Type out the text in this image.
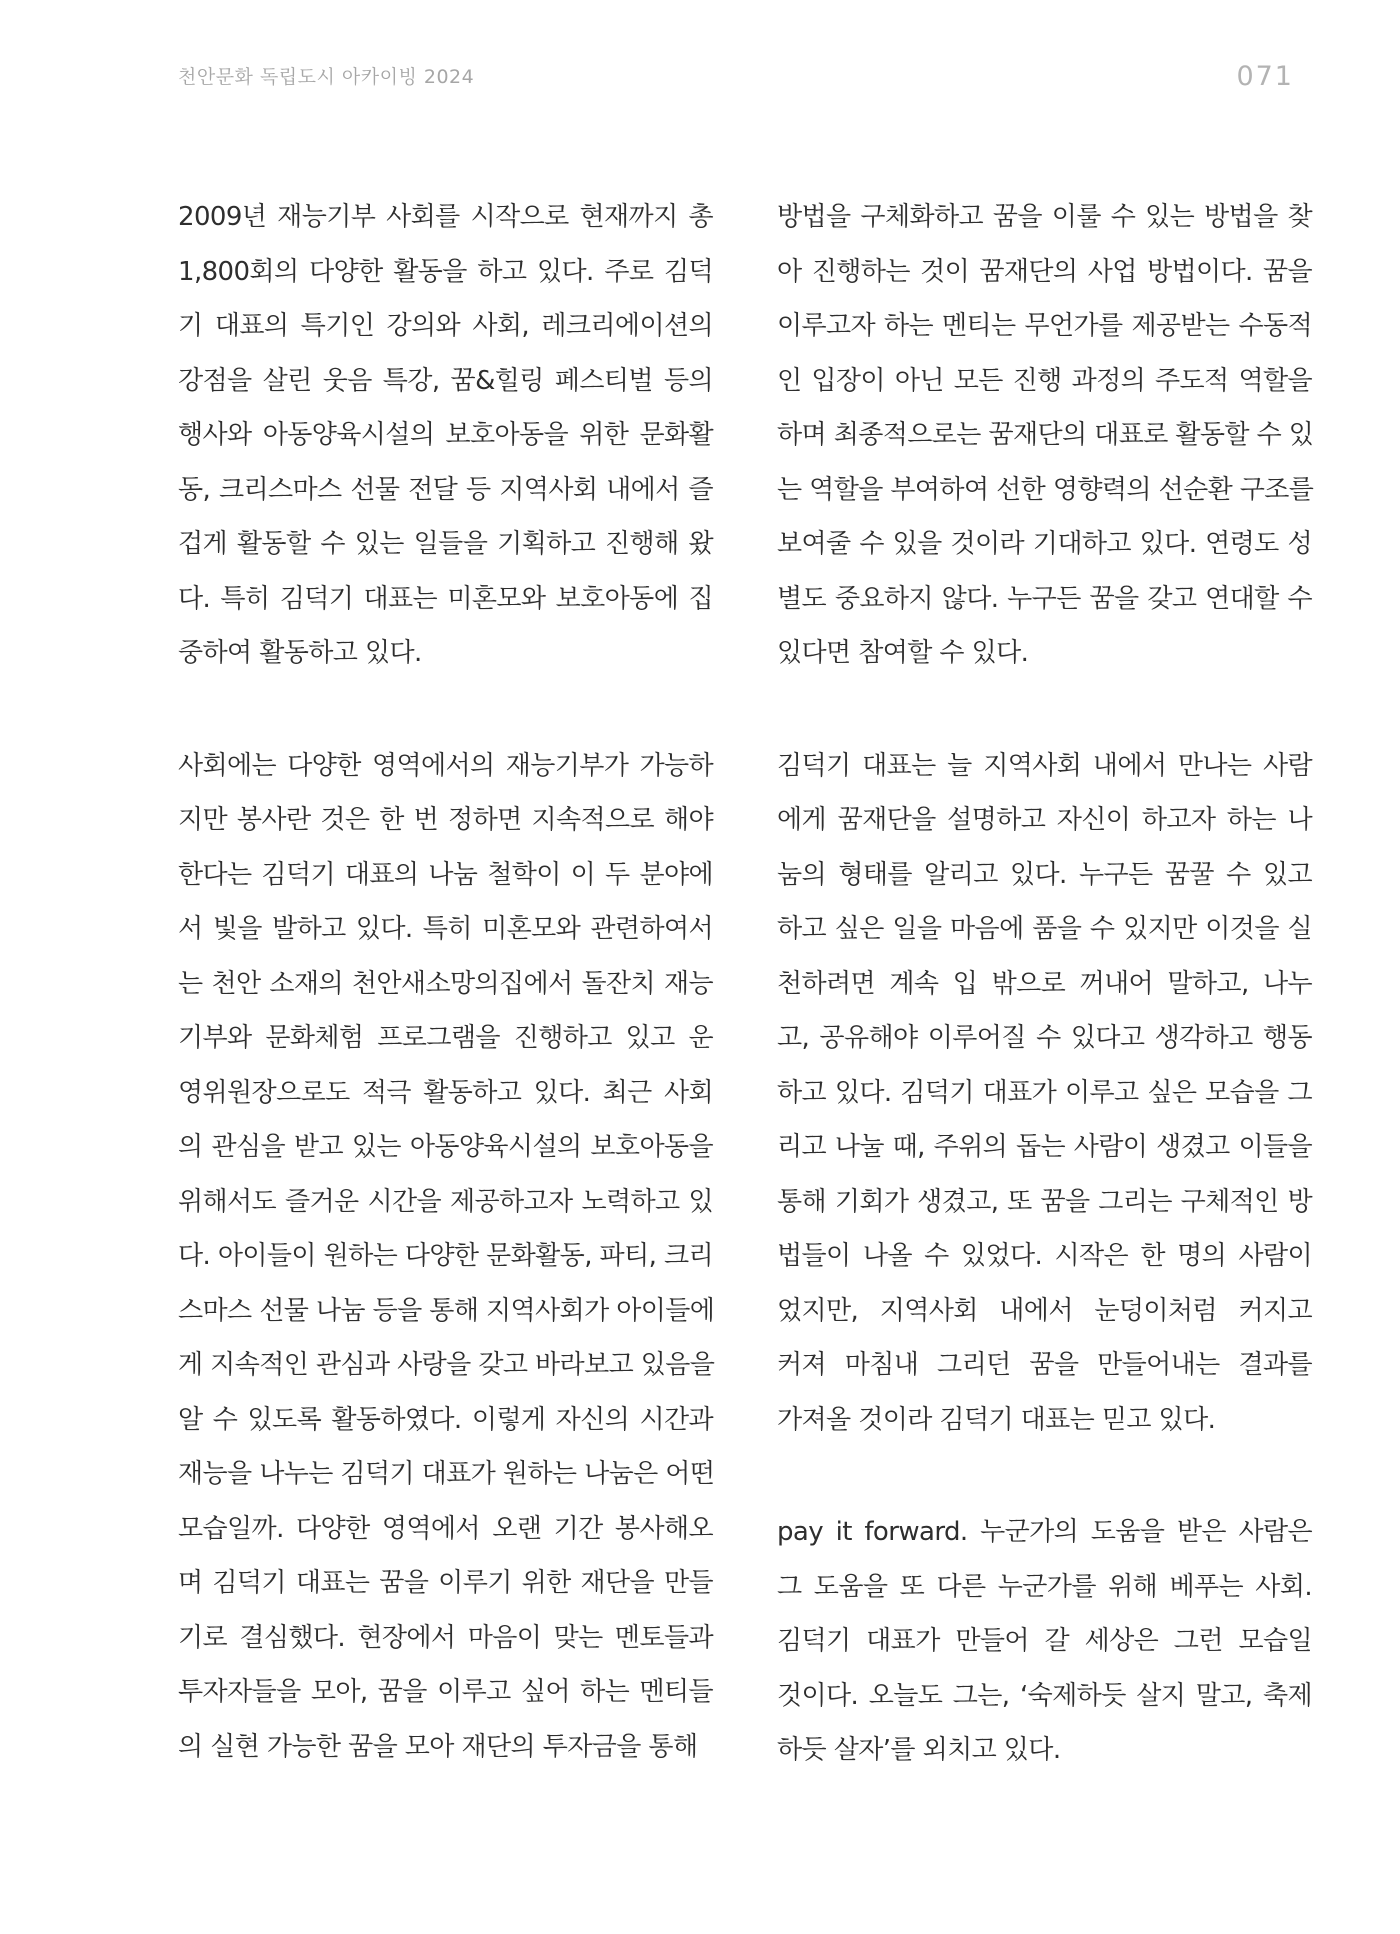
천안문화 독립도시 아카이빙 2024	071
2009년 재능기부 사회를 시작으로 현재까지 총
1,800회의 다양한 활동을 하고 있다. 주로 김덕
기 대표의 특기인 강의와 사회, 레크리에이션의
강점을 살린 웃음 특강, 꿈&힐링 페스티벌 등의
행사와 아동양육시설의 보호아동을 위한 문화활
동, 크리스마스 선물 전달 등 지역사회 내에서 즐
겁게 활동할 수 있는 일들을 기획하고 진행해 왔
다. 특히 김덕기 대표는 미혼모와 보호아동에 집
중하여 활동하고 있다.
사회에는 다양한 영역에서의 재능기부가 가능하
지만 봉사란 것은 한 번 정하면 지속적으로 해야
한다는 김덕기 대표의 나눔 철학이 이 두 분야에
서 빛을 발하고 있다. 특히 미혼모와 관련하여서
는 천안 소재의 천안새소망의집에서 돌잔치 재능
기부와 문화체험 프로그램을 진행하고 있고 운
영위원장으로도 적극 활동하고 있다. 최근 사회
의 관심을 받고 있는 아동양육시설의 보호아동을
위해서도 즐거운 시간을 제공하고자 노력하고 있
다. 아이들이 원하는 다양한 문화활동, 파티, 크리
스마스 선물 나눔 등을 통해 지역사회가 아이들에
게 지속적인 관심과 사랑을 갖고 바라보고 있음을
알 수 있도록 활동하였다. 이렇게 자신의 시간과
재능을 나누는 김덕기 대표가 원하는 나눔은 어떤
모습일까. 다양한 영역에서 오랜 기간 봉사해오
며 김덕기 대표는 꿈을 이루기 위한 재단을 만들
기로 결심했다. 현장에서 마음이 맞는 멘토들과
투자자들을 모아, 꿈을 이루고 싶어 하는 멘티들
의 실현 가능한 꿈을 모아 재단의 투자금을 통해
방법을 구체화하고 꿈을 이룰 수 있는 방법을 찾
아 진행하는 것이 꿈재단의 사업 방법이다. 꿈을
이루고자 하는 멘티는 무언가를 제공받는 수동적
인 입장이 아닌 모든 진행 과정의 주도적 역할을
하며 최종적으로는 꿈재단의 대표로 활동할 수 있
는 역할을 부여하여 선한 영향력의 선순환 구조를
보여줄 수 있을 것이라 기대하고 있다. 연령도 성
별도 중요하지 않다. 누구든 꿈을 갖고 연대할 수
있다면 참여할 수 있다.
김덕기 대표는 늘 지역사회 내에서 만나는 사람
에게 꿈재단을 설명하고 자신이 하고자 하는 나
눔의 형태를 알리고 있다. 누구든 꿈꿀 수 있고
하고 싶은 일을 마음에 품을 수 있지만 이것을 실
천하려면 계속 입 밖으로 꺼내어 말하고, 나누
고, 공유해야 이루어질 수 있다고 생각하고 행동
하고 있다. 김덕기 대표가 이루고 싶은 모습을 그
리고 나눌 때, 주위의 돕는 사람이 생겼고 이들을
통해 기회가 생겼고, 또 꿈을 그리는 구체적인 방
법들이 나올 수 있었다. 시작은 한 명의 사람이
었지만, 지역사회 내에서 눈덩이처럼 커지고
커져 마침내 그리던 꿈을 만들어내는 결과를
가져올 것이라 김덕기 대표는 믿고 있다.
pay it forward. 누군가의 도움을 받은 사람은
그 도움을 또 다른 누군가를 위해 베푸는 사회.
김덕기 대표가 만들어 갈 세상은 그런 모습일
것이다. 오늘도 그는, ‘숙제하듯 살지 말고, 축제
하듯 살자’를 외치고 있다.
